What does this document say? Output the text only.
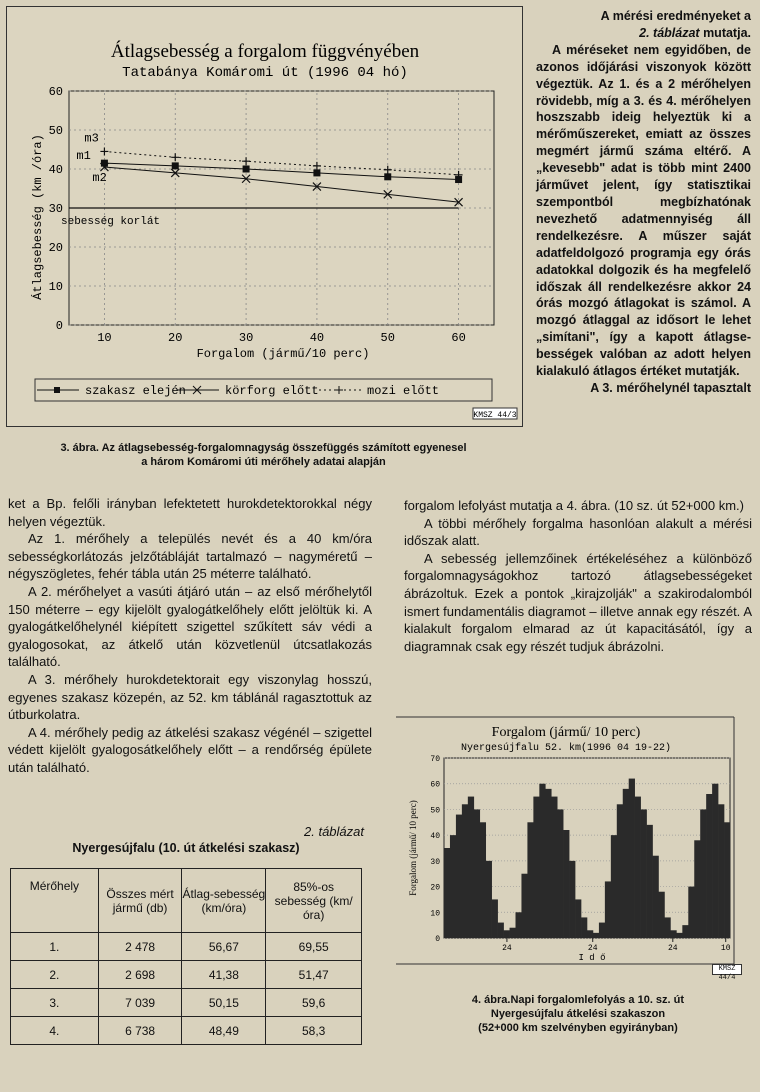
Átlagsebesség a forgalom függvényében
Tatabánya Komáromi út (1996 04 hó)
0
10
20
30
40
50
60
10	20	30	40	50	60
sebesség korlát
m1
m2
m3
Forgalom (jármű/10 perc)
Átlagsebesség (km /óra)
szakasz elején	körforg előtt	mozi előtt
KMSZ 44/3
3. ábra. Az átlagsebesség-forgalomnagyság összefüggés számított egyenesel
a három Komáromi úti mérőhely adatai alapján

A mérési eredményeket a
2. táblázat mutatja.

A méréseket nem egyidőben, de azonos időjárási viszonyok között végeztük. Az 1. és a 2 mérőhelyen rövidebb, míg a 3. és 4. mérőhelyen hoszszabb ideig helyeztük ki a mérőműszereket, emiatt az összes megmért jármű száma eltérő. A „kevesebb" adat is több mint 2400 járművet jelent, így statisztikai szempontból megbízhatónak nevezhető adatmennyiség áll rendelkezésre. A műszer saját adatfeldolgozó programja egy órás adatokkal dolgozik és ha megfelelő időszak áll rendelkezésre akkor 24 órás mozgó átlagokat is számol. A mozgó átlaggal az idősort le lehet „simítani", így a kapott átlagsebességek valóban az adott helyen kialakuló átlagos értéket mutatják.

A 3. mérőhelynél tapasztalt

forgalom lefolyást mutatja a 4. ábra. (10 sz. út 52+000 km.)

A többi mérőhely forgalma hasonlóan alakult a mérési időszak alatt.

A sebesség jellemzőinek értékeléséhez a különböző forgalomnagyságokhoz tartozó átlagsebességeket ábrázoltuk. Ezek a pontok „kirajzolják" a szakirodalomból ismert fundamentális diagramot – illetve annak egy részét. A kialakult forgalom elmarad az út kapacitásától, így a diagramnak csak egy részét tudjuk ábrázolni.

ket a Bp. felőli irányban lefektetett hurokdetektorokkal négy helyen végeztük.

Az 1. mérőhely a település nevét és a 40 km/óra sebességkorlátozás jelzőtábláját tartalmazó – nagyméretű – négyszögletes, fehér tábla után 25 méterre található.

A 2. mérőhelyet a vasúti átjáró után – az első mérőhelytől 150 méterre – egy kijelölt gyalogátkelőhely előtt jelöltük ki. A gyalogátkelőhelynél kiépített szigettel szűkített sáv védi a gyalogosokat, az átkelő után közvetlenül útcsatlakozás található.

A 3. mérőhely hurokdetektorait egy viszonylag hosszú, egyenes szakasz közepén, az 52. km táblánál ragasztottuk az útburkolatra.

A 4. mérőhely pedig az átkelési szakasz végénél – szigettel védett kijelölt gyalogosátkelőhely előtt – a rendőrség épülete után található.

2. táblázat
Nyergesújfalu (10. út átkelési szakasz)
Mérőhely	Összes mért jármű (db)	Átlag-sebesség (km/óra)	85%-os sebesség (km/óra)
1.	2 478	56,67	69,55
2.	2 698	41,38	51,47
3.	7 039	50,15	59,6
4.	6 738	48,49	58,3
Forgalom (jármű/ 10 perc)
Nyergesújfalu 52. km(1996 04 19-22)
0
10
20
30
40
50
60
70
24	24	24	10
I d ő
Forgalom (jármű/ 10 perc)
KMSZ 44/4
4. ábra.Napi forgalomlefolyás a 10. sz. út
Nyergesújfalu átkelési szakaszon
(52+000 km szelvényben egyirányban)
